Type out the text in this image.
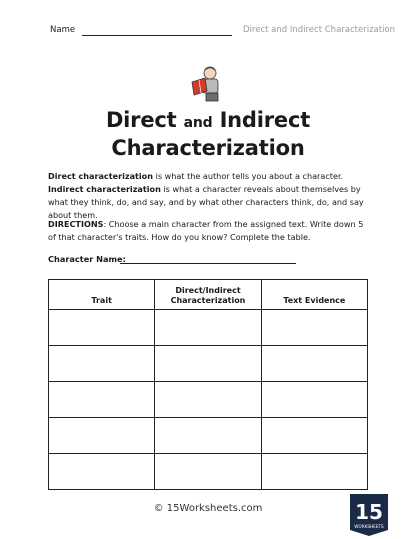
Name	Direct and Indirect Characterization
Direct and Indirect
Characterization

Direct characterization is what the author tells you about a character. Indirect characterization is what a character reveals about themselves by what they think, do, and say, and by what other characters think, do, and say about them.

DIRECTIONS: Choose a main character from the assigned text. Write down 5 of that character's traits. How do you know? Complete the table.

Character Name:
Trait	Direct/Indirect Characterization	Text Evidence

© 15Worksheets.com	15
WORKSHEETS
